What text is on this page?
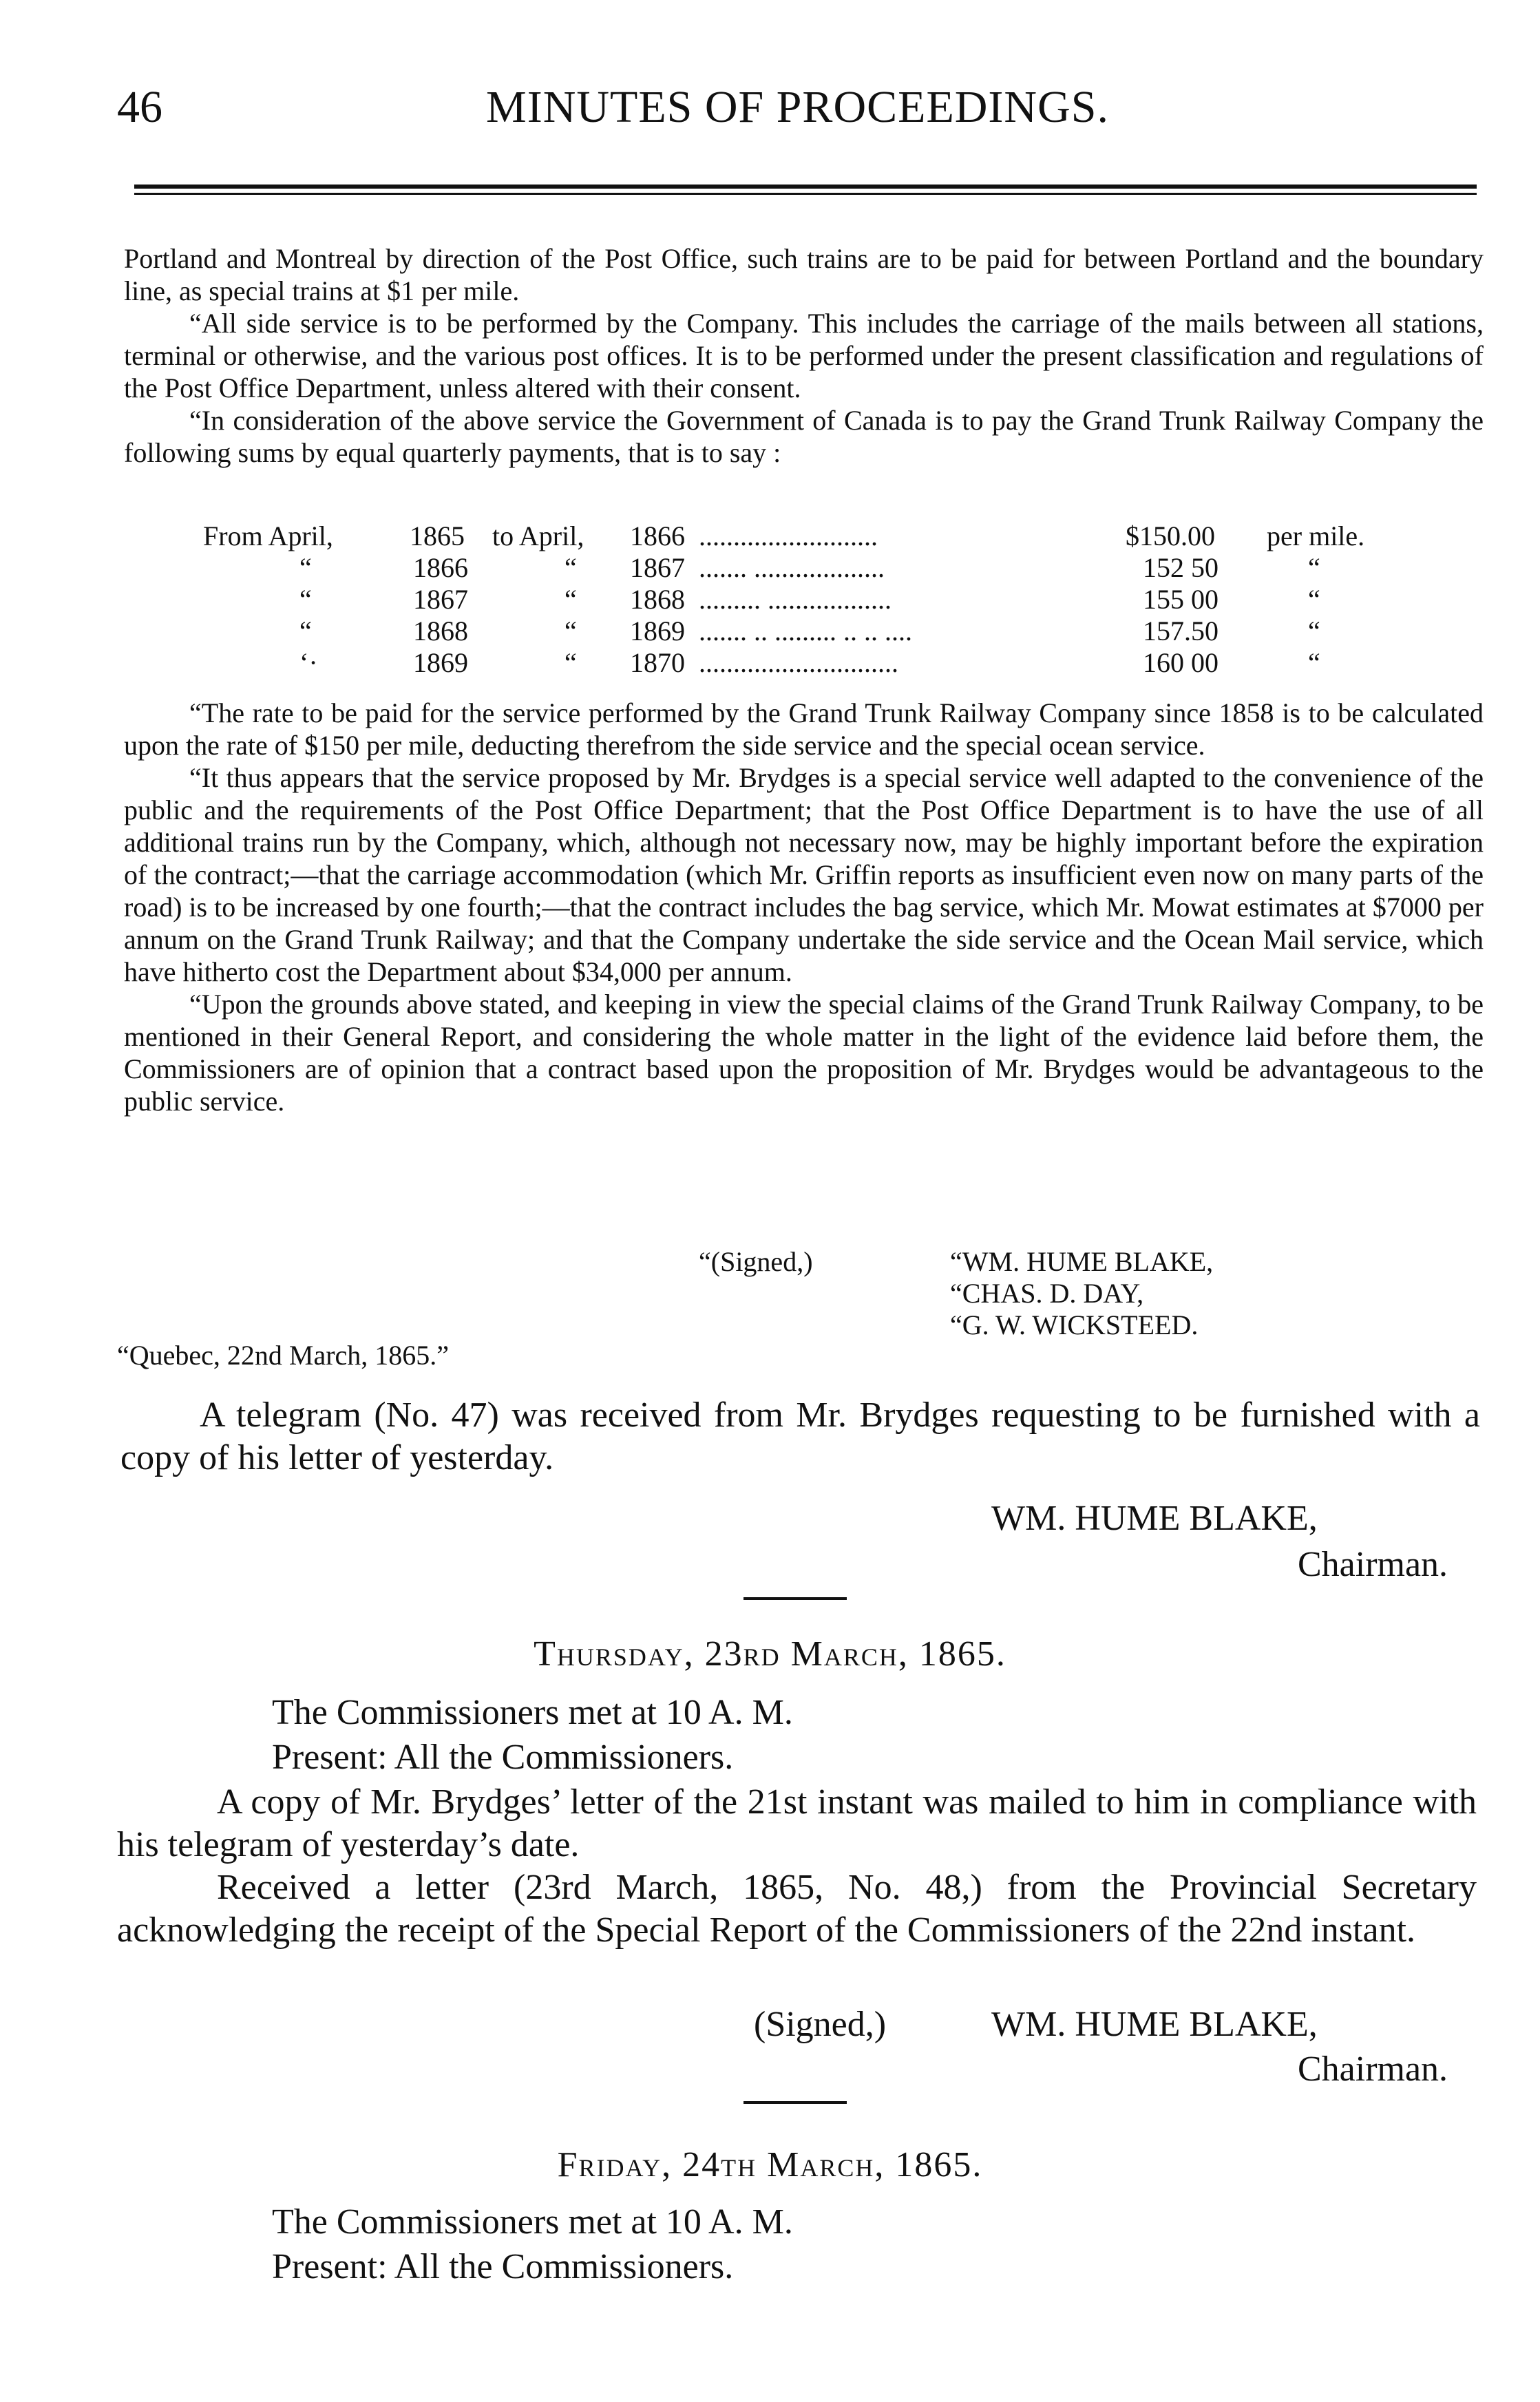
46	MINUTES OF PROCEEDINGS.

Portland and Montreal by direction of the Post Office, such trains are to be paid for between Portland and the boundary line, as special trains at $1 per mile.

“All side service is to be performed by the Company. This includes the carriage of the mails between all stations, terminal or otherwise, and the various post offices. It is to be performed under the present classification and regulations of the Post Office Department, unless altered with their consent.

“In consideration of the above service the Government of Canada is to pay the Grand Trunk Railway Company the following sums by equal quarterly payments, that is to say :

From April,	1865 to April, 1866 ..........................	$150.00 per mile.
“	1866	“ 1867 ....... ...................	152 50	“
“	1867	“ 1868 ......... ..................	155 00	“
“	1868	“ 1869 ....... .. ......... .. .. ....	157.50	“
‘·	1869	“ 1870 .............................	160 00	“

“The rate to be paid for the service performed by the Grand Trunk Railway Company since 1858 is to be calculated upon the rate of $150 per mile, deducting therefrom the side service and the special ocean service.

“It thus appears that the service proposed by Mr. Brydges is a special service well adapted to the convenience of the public and the requirements of the Post Office Department; that the Post Office Department is to have the use of all additional trains run by the Company, which, although not necessary now, may be highly important before the expiration of the contract;—that the carriage accommodation (which Mr. Griffin reports as insufficient even now on many parts of the road) is to be increased by one fourth;—that the contract includes the bag service, which Mr. Mowat estimates at $7000 per annum on the Grand Trunk Railway; and that the Company undertake the side service and the Ocean Mail service, which have hitherto cost the Department about $34,000 per annum.

“Upon the grounds above stated, and keeping in view the special claims of the Grand Trunk Railway Company, to be mentioned in their General Report, and considering the whole matter in the light of the evidence laid before them, the Commissioners are of opinion that a contract based upon the proposition of Mr. Brydges would be advantageous to the public service.

“(Signed,)	“WM. HUME BLAKE,
“CHAS. D. DAY,
“G. W. WICKSTEED.
“Quebec, 22nd March, 1865.”
A telegram (No. 47) was received from Mr. Brydges requesting to be furnished with a copy of his letter of yesterday.
WM. HUME BLAKE,
Chairman.
Thursday, 23rd March, 1865.
The Commissioners met at 10 A. M.
Present: All the Commissioners.
A copy of Mr. Brydges’ letter of the 21st instant was mailed to him in compliance with his telegram of yesterday’s date.
Received a letter (23rd March, 1865, No. 48,) from the Provincial Secretary acknowledging the receipt of the Special Report of the Commissioners of the 22nd instant.
(Signed,)	WM. HUME BLAKE,
Chairman.
Friday, 24th March, 1865.
The Commissioners met at 10 A. M.
Present: All the Commissioners.
